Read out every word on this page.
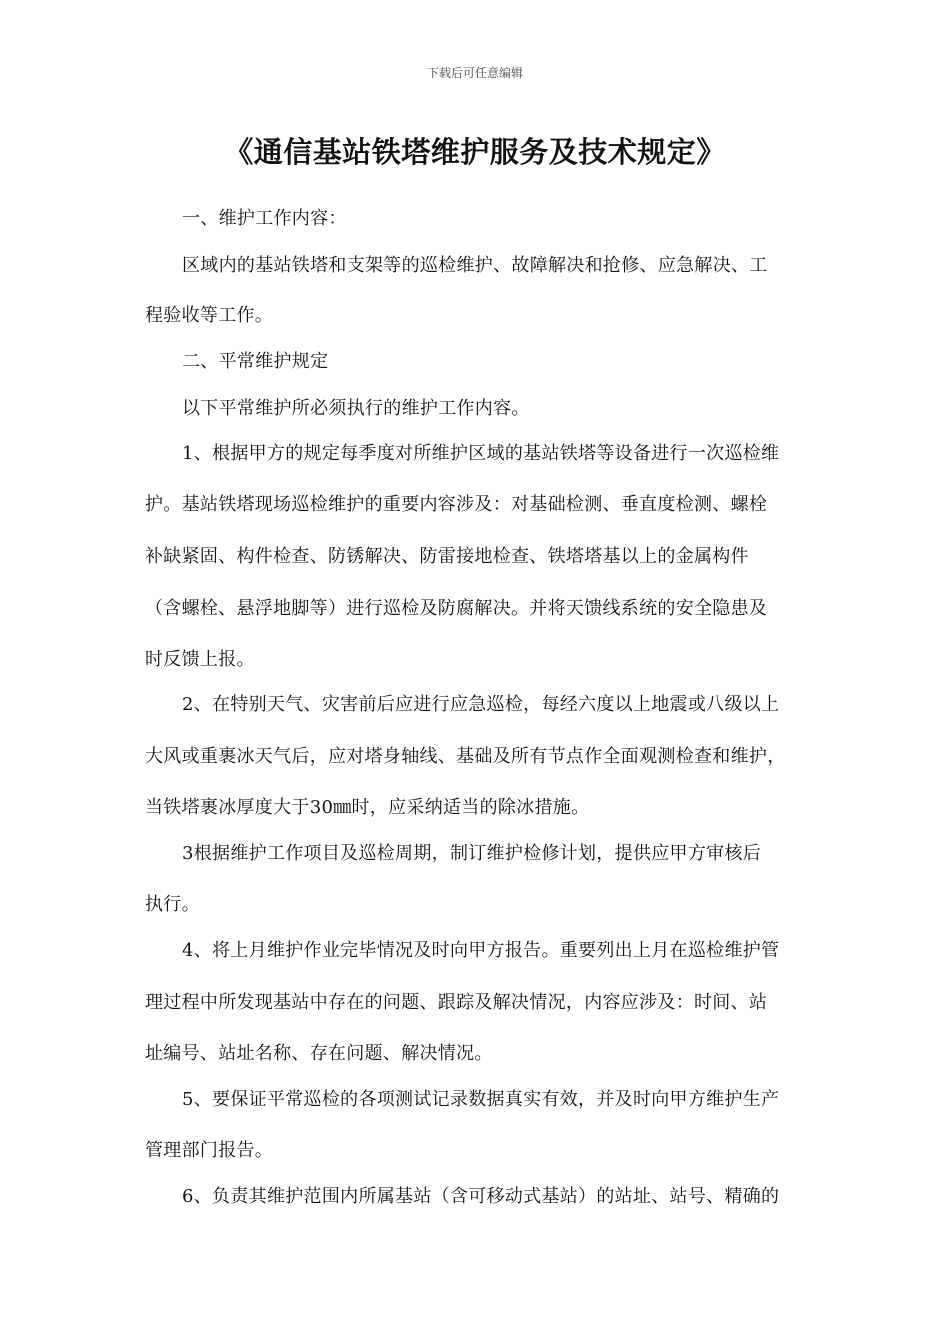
下载后可任意编辑
《通信基站铁塔维护服务及技术规定》
一、维护工作内容：
区域内的基站铁塔和支架等的巡检维护、故障解决和抢修、应急解决、工
程验收等工作。
二、平常维护规定
以下平常维护所必须执行的维护工作内容。
1、根据甲方的规定每季度对所维护区域的基站铁塔等设备进行一次巡检维
护。基站铁塔现场巡检维护的重要内容涉及：对基础检测、垂直度检测、螺栓
补缺紧固、构件检查、防锈解决、防雷接地检查、铁塔塔基以上的金属构件
（含螺栓、悬浮地脚等）进行巡检及防腐解决。并将天馈线系统的安全隐患及
时反馈上报。
2、在特别天气、灾害前后应进行应急巡检，每经六度以上地震或八级以上
大风或重裹冰天气后，应对塔身轴线、基础及所有节点作全面观测检查和维护，
当铁塔裹冰厚度大于30㎜时，应采纳适当的除冰措施。
3根据维护工作项目及巡检周期，制订维护检修计划，提供应甲方审核后
执行。
4、将上月维护作业完毕情况及时向甲方报告。重要列出上月在巡检维护管
理过程中所发现基站中存在的问题、跟踪及解决情况，内容应涉及：时间、站
址编号、站址名称、存在问题、解决情况。
5、要保证平常巡检的各项测试记录数据真实有效，并及时向甲方维护生产
管理部门报告。
6、负责其维护范围内所属基站（含可移动式基站）的站址、站号、精确的
